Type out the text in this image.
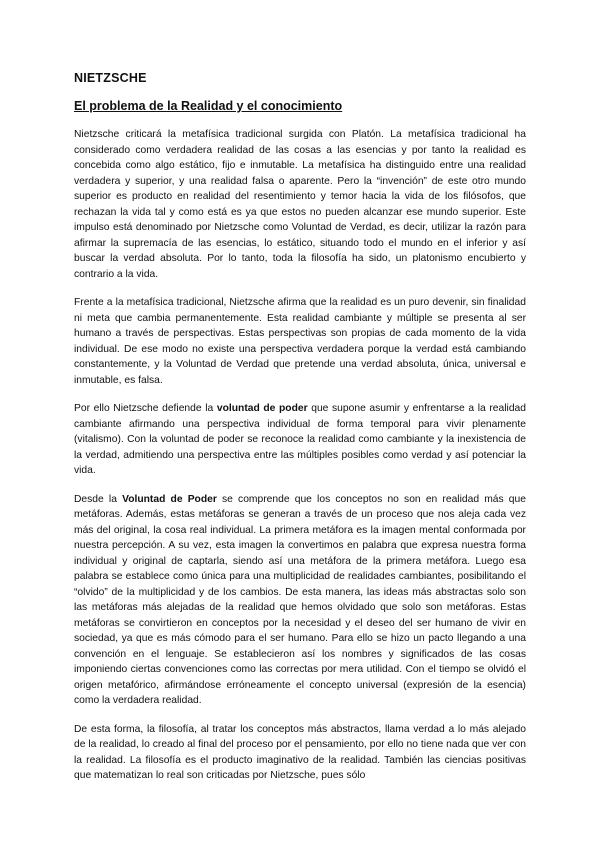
NIETZSCHE
El problema de la Realidad y el conocimiento

Nietzsche criticará la metafísica tradicional surgida con Platón. La metafísica tradicional ha considerado como verdadera realidad de las cosas a las esencias y por tanto la realidad es concebida como algo estático, fijo e inmutable. La metafísica ha distinguido entre una realidad verdadera y superior, y una realidad falsa o aparente. Pero la “invención” de este otro mundo superior es producto en realidad del resentimiento y temor hacia la vida de los filósofos, que rechazan la vida tal y como está es ya que estos no pueden alcanzar ese mundo superior. Este impulso está denominado por Nietzsche como Voluntad de Verdad, es decir, utilizar la razón para afirmar la supremacía de las esencias, lo estático, situando todo el mundo en el inferior y así buscar la verdad absoluta. Por lo tanto, toda la filosofía ha sido, un platonismo encubierto y contrario a la vida.

Frente a la metafísica tradicional, Nietzsche afirma que la realidad es un puro devenir, sin finalidad ni meta que cambia permanentemente. Esta realidad cambiante y múltiple se presenta al ser humano a través de perspectivas. Estas perspectivas son propias de cada momento de la vida individual. De ese modo no existe una perspectiva verdadera porque la verdad está cambiando constantemente, y la Voluntad de Verdad que pretende una verdad absoluta, única, universal e inmutable, es falsa.

Por ello Nietzsche defiende la voluntad de poder que supone asumir y enfrentarse a la realidad cambiante afirmando una perspectiva individual de forma temporal para vivir plenamente (vitalismo). Con la voluntad de poder se reconoce la realidad como cambiante y la inexistencia de la verdad, admitiendo una perspectiva entre las múltiples posibles como verdad y así potenciar la vida.

Desde la Voluntad de Poder se comprende que los conceptos no son en realidad más que metáforas. Además, estas metáforas se generan a través de un proceso que nos aleja cada vez más del original, la cosa real individual. La primera metáfora es la imagen mental conformada por nuestra percepción. A su vez, esta imagen la convertimos en palabra que expresa nuestra forma individual y original de captarla, siendo así una metáfora de la primera metáfora. Luego esa palabra se establece como única para una multiplicidad de realidades cambiantes, posibilitando el “olvido” de la multiplicidad y de los cambios. De esta manera, las ideas más abstractas solo son las metáforas más alejadas de la realidad que hemos olvidado que solo son metáforas. Estas metáforas se convirtieron en conceptos por la necesidad y el deseo del ser humano de vivir en sociedad, ya que es más cómodo para el ser humano. Para ello se hizo un pacto llegando a una convención en el lenguaje. Se establecieron así los nombres y significados de las cosas imponiendo ciertas convenciones como las correctas por mera utilidad. Con el tiempo se olvidó el origen metafórico, afirmándose erróneamente el concepto universal (expresión de la esencia) como la verdadera realidad.

De esta forma, la filosofía, al tratar los conceptos más abstractos, llama verdad a lo más alejado de la realidad, lo creado al final del proceso por el pensamiento, por ello no tiene nada que ver con la realidad. La filosofía es el producto imaginativo de la realidad. También las ciencias positivas que matematizan lo real son criticadas por Nietzsche, pues sólo
